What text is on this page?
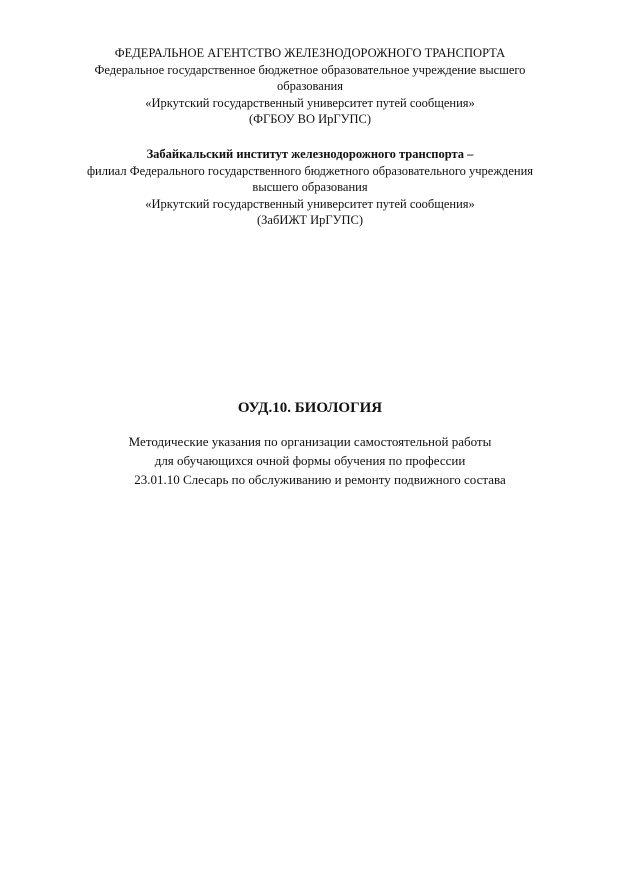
ФЕДЕРАЛЬНОЕ АГЕНТСТВО ЖЕЛЕЗНОДОРОЖНОГО ТРАНСПОРТА
Федеральное государственное бюджетное образовательное учреждение высшего
образования
«Иркутский государственный университет путей сообщения»
(ФГБОУ ВО ИрГУПС)
Забайкальский институт железнодорожного транспорта –
филиал Федерального государственного бюджетного образовательного учреждения
высшего образования
«Иркутский государственный университет путей сообщения»
(ЗабИЖТ ИрГУПС)
ОУД.10. БИОЛОГИЯ
Методические указания по организации самостоятельной работы
для обучающихся очной формы обучения по профессии
23.01.10 Слесарь по обслуживанию и ремонту подвижного состава
